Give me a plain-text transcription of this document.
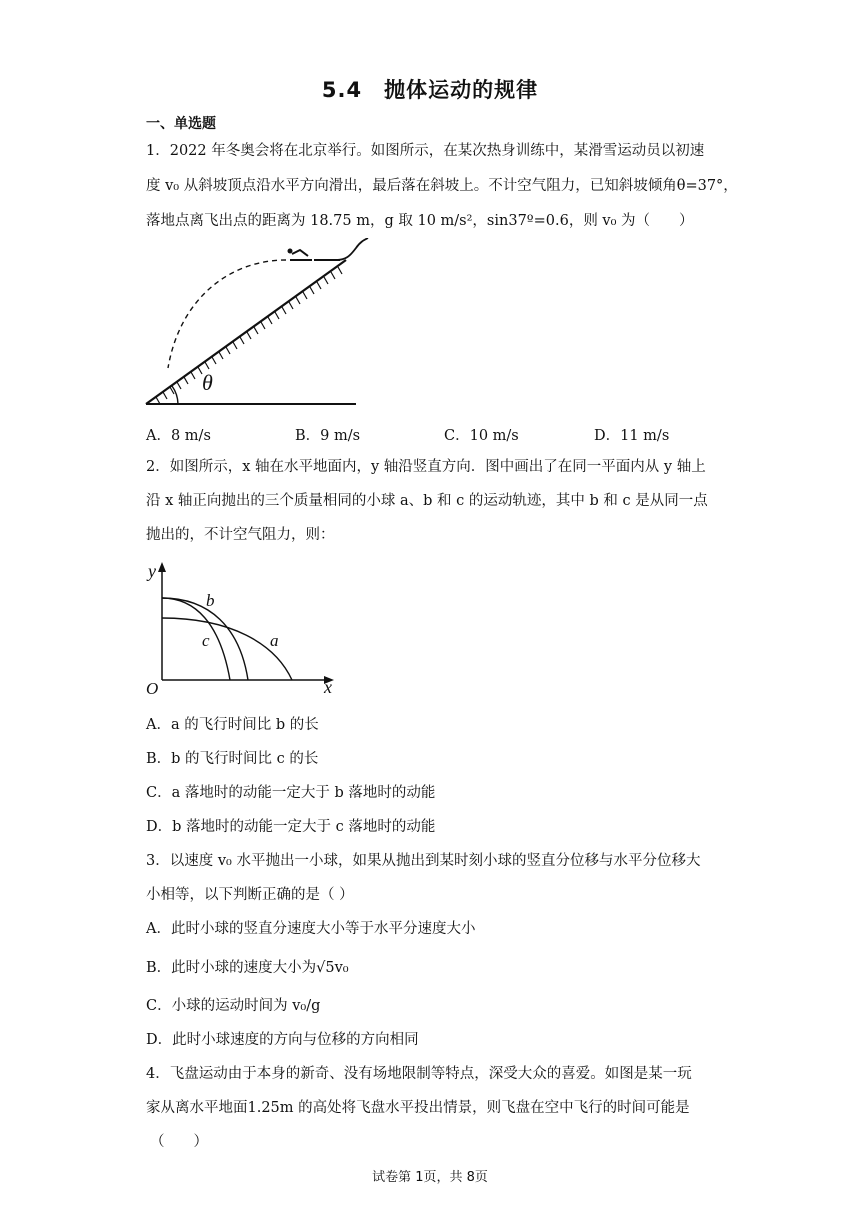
5.4　抛体运动的规律
一、单选题
1．2022 年冬奥会将在北京举行。如图所示，在某次热身训练中，某滑雪运动员以初速
度 v₀ 从斜坡顶点沿水平方向滑出，最后落在斜坡上。不计空气阻力，已知斜坡倾角θ=37°，
落地点离飞出点的距离为 18.75 m，g 取 10 m/s²，sin37º=0.6，则 v₀ 为（　　）
θ
A．8 m/s	B．9 m/s	C．10 m/s	D．11 m/s
2．如图所示，x 轴在水平地面内，y 轴沿竖直方向．图中画出了在同一平面内从 y 轴上
沿 x 轴正向抛出的三个质量相同的小球 a、b 和 c 的运动轨迹，其中 b 和 c 是从同一点
抛出的，不计空气阻力，则：
y
x
O
b
c	a
A．a 的飞行时间比 b 的长
B．b 的飞行时间比 c 的长
C．a 落地时的动能一定大于 b 落地时的动能
D．b 落地时的动能一定大于 c 落地时的动能
3．以速度 v₀ 水平抛出一小球，如果从抛出到某时刻小球的竖直分位移与水平分位移大
小相等，以下判断正确的是（ ）
A．此时小球的竖直分速度大小等于水平分速度大小
B．此时小球的速度大小为√5v₀
C．小球的运动时间为 v₀/g
D．此时小球速度的方向与位移的方向相同
4．飞盘运动由于本身的新奇、没有场地限制等特点，深受大众的喜爱。如图是某一玩
家从离水平地面1.25m 的高处将飞盘水平投出情景，则飞盘在空中飞行的时间可能是
（　　）
试卷第 1页，共 8页
